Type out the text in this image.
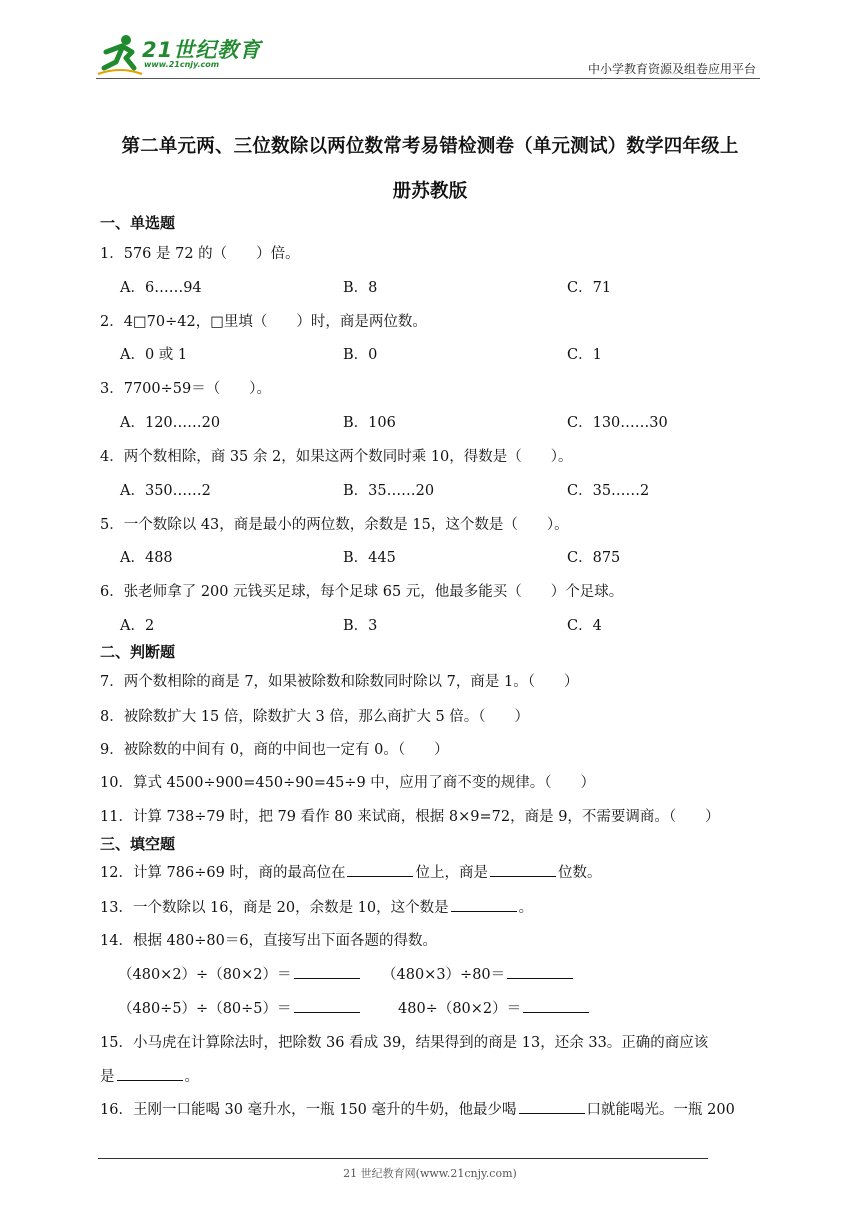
21世纪教育
www.21cnjy.com	中小学教育资源及组卷应用平台
第二单元两、三位数除以两位数常考易错检测卷（单元测试）数学四年级上
册苏教版
一、单选题
1．576 是 72 的（　　）倍。
A．6……94	B．8	C．71
2．4□70÷42，□里填（　　）时，商是两位数。
A．0 或 1	B．0	C．1
3．7700÷59＝（　　）。
A．120……20	B．106	C．130……30
4．两个数相除，商 35 余 2，如果这两个数同时乘 10，得数是（　　）。
A．350……2	B．35……20	C．35……2
5．一个数除以 43，商是最小的两位数，余数是 15，这个数是（　　）。
A．488	B．445	C．875
6．张老师拿了 200 元钱买足球，每个足球 65 元，他最多能买（　　）个足球。
A．2	B．3	C．4
二、判断题
7．两个数相除的商是 7，如果被除数和除数同时除以 7，商是 1。（　　）
8．被除数扩大 15 倍，除数扩大 3 倍，那么商扩大 5 倍。（　　）
9．被除数的中间有 0，商的中间也一定有 0。（　　）
10．算式 4500÷900=450÷90=45÷9 中，应用了商不变的规律。（　　）
11．计算 738÷79 时，把 79 看作 80 来试商，根据 8×9=72，商是 9，不需要调商。（　　）
三、填空题
12．计算 786÷69 时，商的最高位在	位上，商是	位数。
13．一个数除以 16，商是 20，余数是 10，这个数是	。
14．根据 480÷80＝6，直接写出下面各题的得数。
（480×2）÷（80×2）＝	（480×3）÷80＝
（480÷5）÷（80÷5）＝	480÷（80×2）＝
15．小马虎在计算除法时，把除数 36 看成 39，结果得到的商是 13，还余 33。正确的商应该
是	。
16．王刚一口能喝 30 毫升水，一瓶 150 毫升的牛奶，他最少喝	口就能喝光。一瓶 200
21 世纪教育网(www.21cnjy.com)
